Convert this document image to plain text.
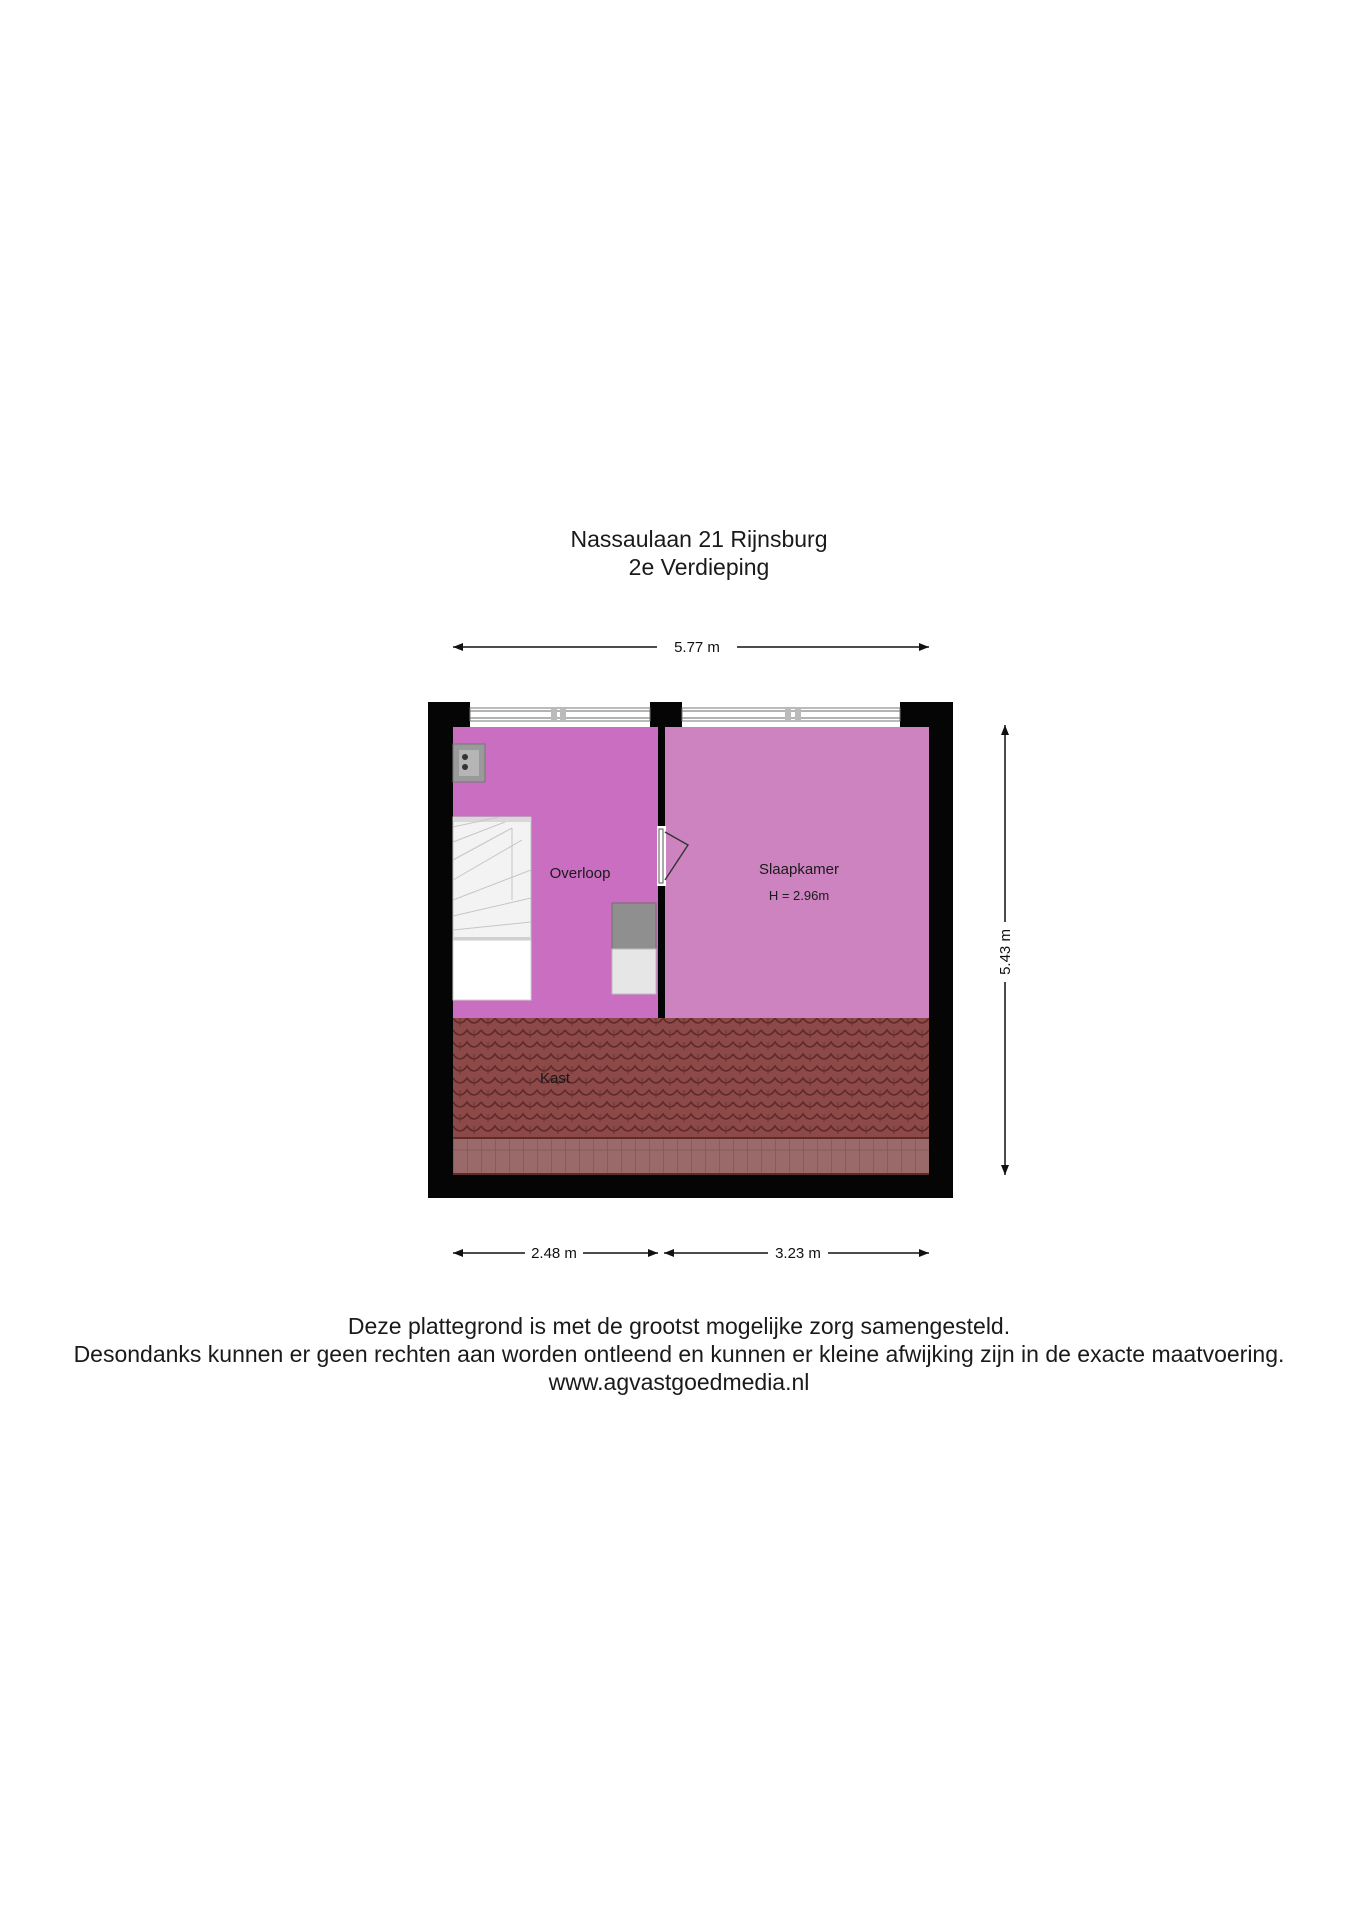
Nassaulaan 21 Rijnsburg
2e Verdieping
5.77 m
5.43 m
2.48 m	3.23 m
Overloop	Slaapkamer
H = 2.96m
Kast
Deze plattegrond is met de grootst mogelijke zorg samengesteld.
Desondanks kunnen er geen rechten aan worden ontleend en kunnen er kleine afwijking zijn in de exacte maatvoering.
www.agvastgoedmedia.nl
